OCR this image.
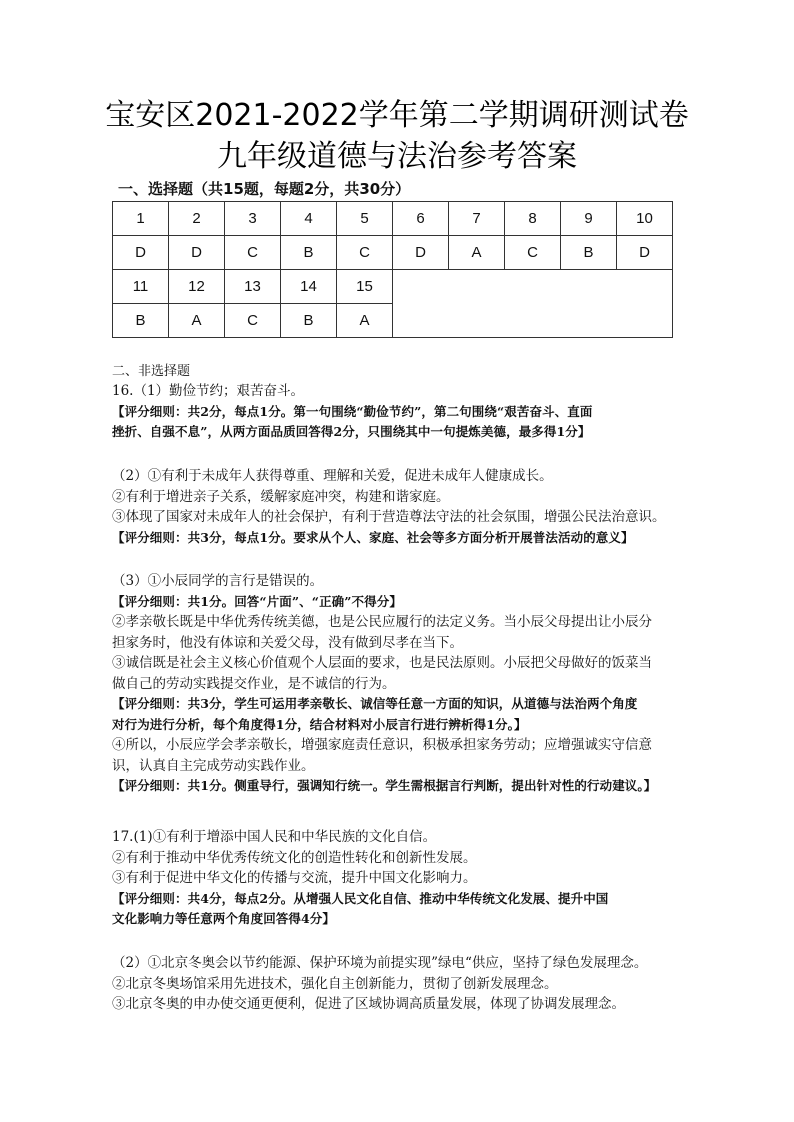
宝安区2021-2022学年第二学期调研测试卷
九年级道德与法治参考答案
一、选择题（共15题，每题2分，共30分）
1	2	3	4	5	6	7	8	9	10
D	D	C	B	C	D	A	C	B	D
11	12	13	14	15					
B	A	C	B	A					
二、非选择题

16.（1）勤俭节约；艰苦奋斗。

【评分细则：共2分，每点1分。第一句围绕“勤俭节约”，第二句围绕“艰苦奋斗、直面

挫折、自强不息”，从两方面品质回答得2分，只围绕其中一句提炼美德，最多得1分】

（2）①有利于未成年人获得尊重、理解和关爱，促进未成年人健康成长。

②有利于增进亲子关系，缓解家庭冲突，构建和谐家庭。

③体现了国家对未成年人的社会保护，有利于营造尊法守法的社会氛围，增强公民法治意识。

【评分细则：共3分，每点1分。要求从个人、家庭、社会等多方面分析开展普法活动的意义】

（3）①小辰同学的言行是错误的。

【评分细则：共1分。回答“片面”、“正确”不得分】

②孝亲敬长既是中华优秀传统美德，也是公民应履行的法定义务。当小辰父母提出让小辰分

担家务时，他没有体谅和关爱父母，没有做到尽孝在当下。

③诚信既是社会主义核心价值观个人层面的要求，也是民法原则。小辰把父母做好的饭菜当

做自己的劳动实践提交作业，是不诚信的行为。

【评分细则：共3分，学生可运用孝亲敬长、诚信等任意一方面的知识，从道德与法治两个角度

对行为进行分析，每个角度得1分，结合材料对小辰言行进行辨析得1分。】

④所以，小辰应学会孝亲敬长，增强家庭责任意识，积极承担家务劳动；应增强诚实守信意

识，认真自主完成劳动实践作业。

【评分细则：共1分。侧重导行，强调知行统一。学生需根据言行判断，提出针对性的行动建议。】

17.(1)①有利于增添中国人民和中华民族的文化自信。

②有利于推动中华优秀传统文化的创造性转化和创新性发展。

③有利于促进中华文化的传播与交流，提升中国文化影响力。

【评分细则：共4分，每点2分。从增强人民文化自信、推动中华传统文化发展、提升中国

文化影响力等任意两个角度回答得4分】

（2）①北京冬奥会以节约能源、保护环境为前提实现”绿电“供应，坚持了绿色发展理念。

②北京冬奥场馆采用先进技术，强化自主创新能力，贯彻了创新发展理念。

③北京冬奥的申办使交通更便利，促进了区域协调高质量发展，体现了协调发展理念。
